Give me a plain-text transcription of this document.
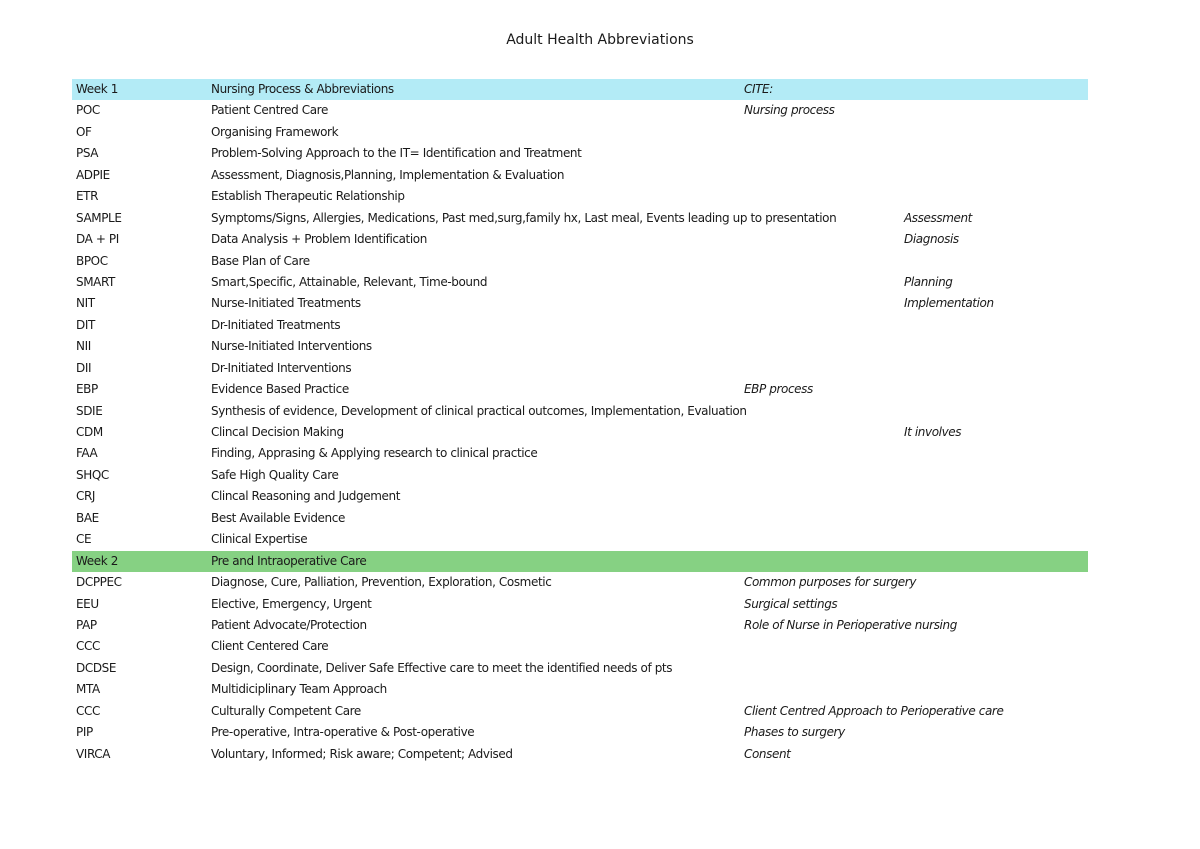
Adult Health Abbreviations
Week 1	Nursing Process & Abbreviations	CITE:
POC	Patient Centred Care	Nursing process
OF	Organising Framework
PSA	Problem-Solving Approach to the IT= Identification and Treatment
ADPIE	Assessment, Diagnosis,Planning, Implementation & Evaluation
ETR	Establish Therapeutic Relationship
SAMPLE	Symptoms/Signs, Allergies, Medications, Past med,surg,family hx, Last meal, Events leading up to presentation	Assessment
DA + PI	Data Analysis + Problem Identification	Diagnosis
BPOC	Base Plan of Care
SMART	Smart,Specific, Attainable, Relevant, Time-bound	Planning
NIT	Nurse-Initiated Treatments	Implementation
DIT	Dr-Initiated Treatments
NII	Nurse-Initiated Interventions
DII	Dr-Initiated Interventions
EBP	Evidence Based Practice	EBP process
SDIE	Synthesis of evidence, Development of clinical practical outcomes, Implementation, Evaluation
CDM	Clincal Decision Making	It involves
FAA	Finding, Apprasing & Applying research to clinical practice
SHQC	Safe High Quality Care
CRJ	Clincal Reasoning and Judgement
BAE	Best Available Evidence
CE	Clinical Expertise
Week 2	Pre and Intraoperative Care
DCPPEC	Diagnose, Cure, Palliation, Prevention, Exploration, Cosmetic	Common purposes for surgery
EEU	Elective, Emergency, Urgent	Surgical settings
PAP	Patient Advocate/Protection	Role of Nurse in Perioperative nursing
CCC	Client Centered Care
DCDSE	Design, Coordinate, Deliver Safe Effective care to meet the identified needs of pts
MTA	Multidiciplinary Team Approach
CCC	Culturally Competent Care	Client Centred Approach to Perioperative care
PIP	Pre-operative, Intra-operative & Post-operative	Phases to surgery
VIRCA	Voluntary, Informed; Risk aware; Competent; Advised	Consent
